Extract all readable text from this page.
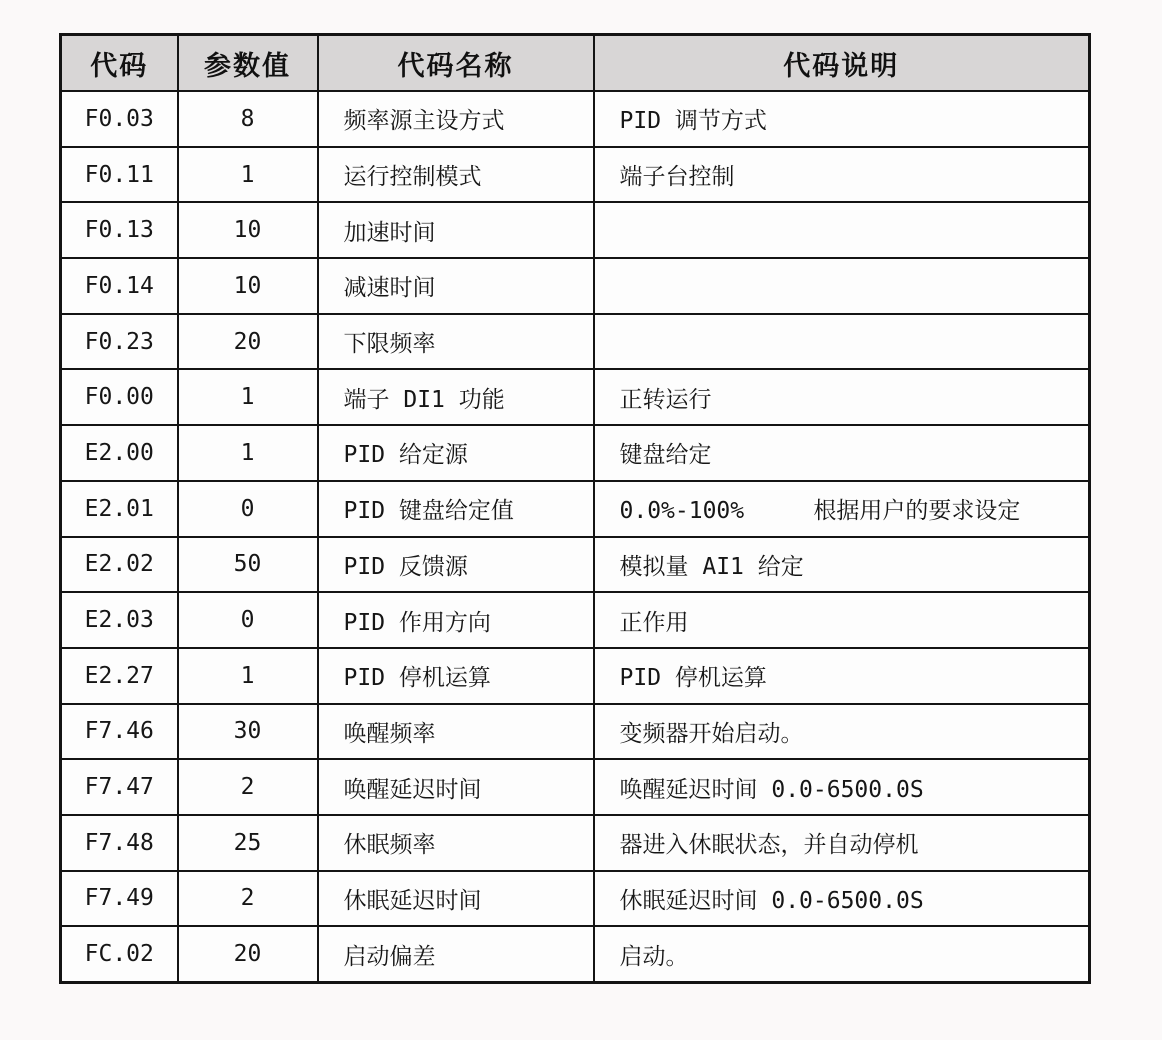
代码	参数值	代码名称	代码说明
F0.03	8	频率源主设方式	PID 调节方式
F0.11	1	运行控制模式	端子台控制
F0.13	10	加速时间	
F0.14	10	减速时间	
F0.23	20	下限频率	
F0.00	1	端子 DI1 功能	正转运行
E2.00	1	PID 给定源	键盘给定
E2.01	0	PID 键盘给定值	0.0%-100%     根据用户的要求设定
E2.02	50	PID 反馈源	模拟量 AI1 给定
E2.03	0	PID 作用方向	正作用
E2.27	1	PID 停机运算	PID 停机运算
F7.46	30	唤醒频率	变频器开始启动。
F7.47	2	唤醒延迟时间	唤醒延迟时间 0.0-6500.0S
F7.48	25	休眠频率	器进入休眠状态，并自动停机
F7.49	2	休眠延迟时间	休眠延迟时间 0.0-6500.0S
FC.02	20	启动偏差	启动。
